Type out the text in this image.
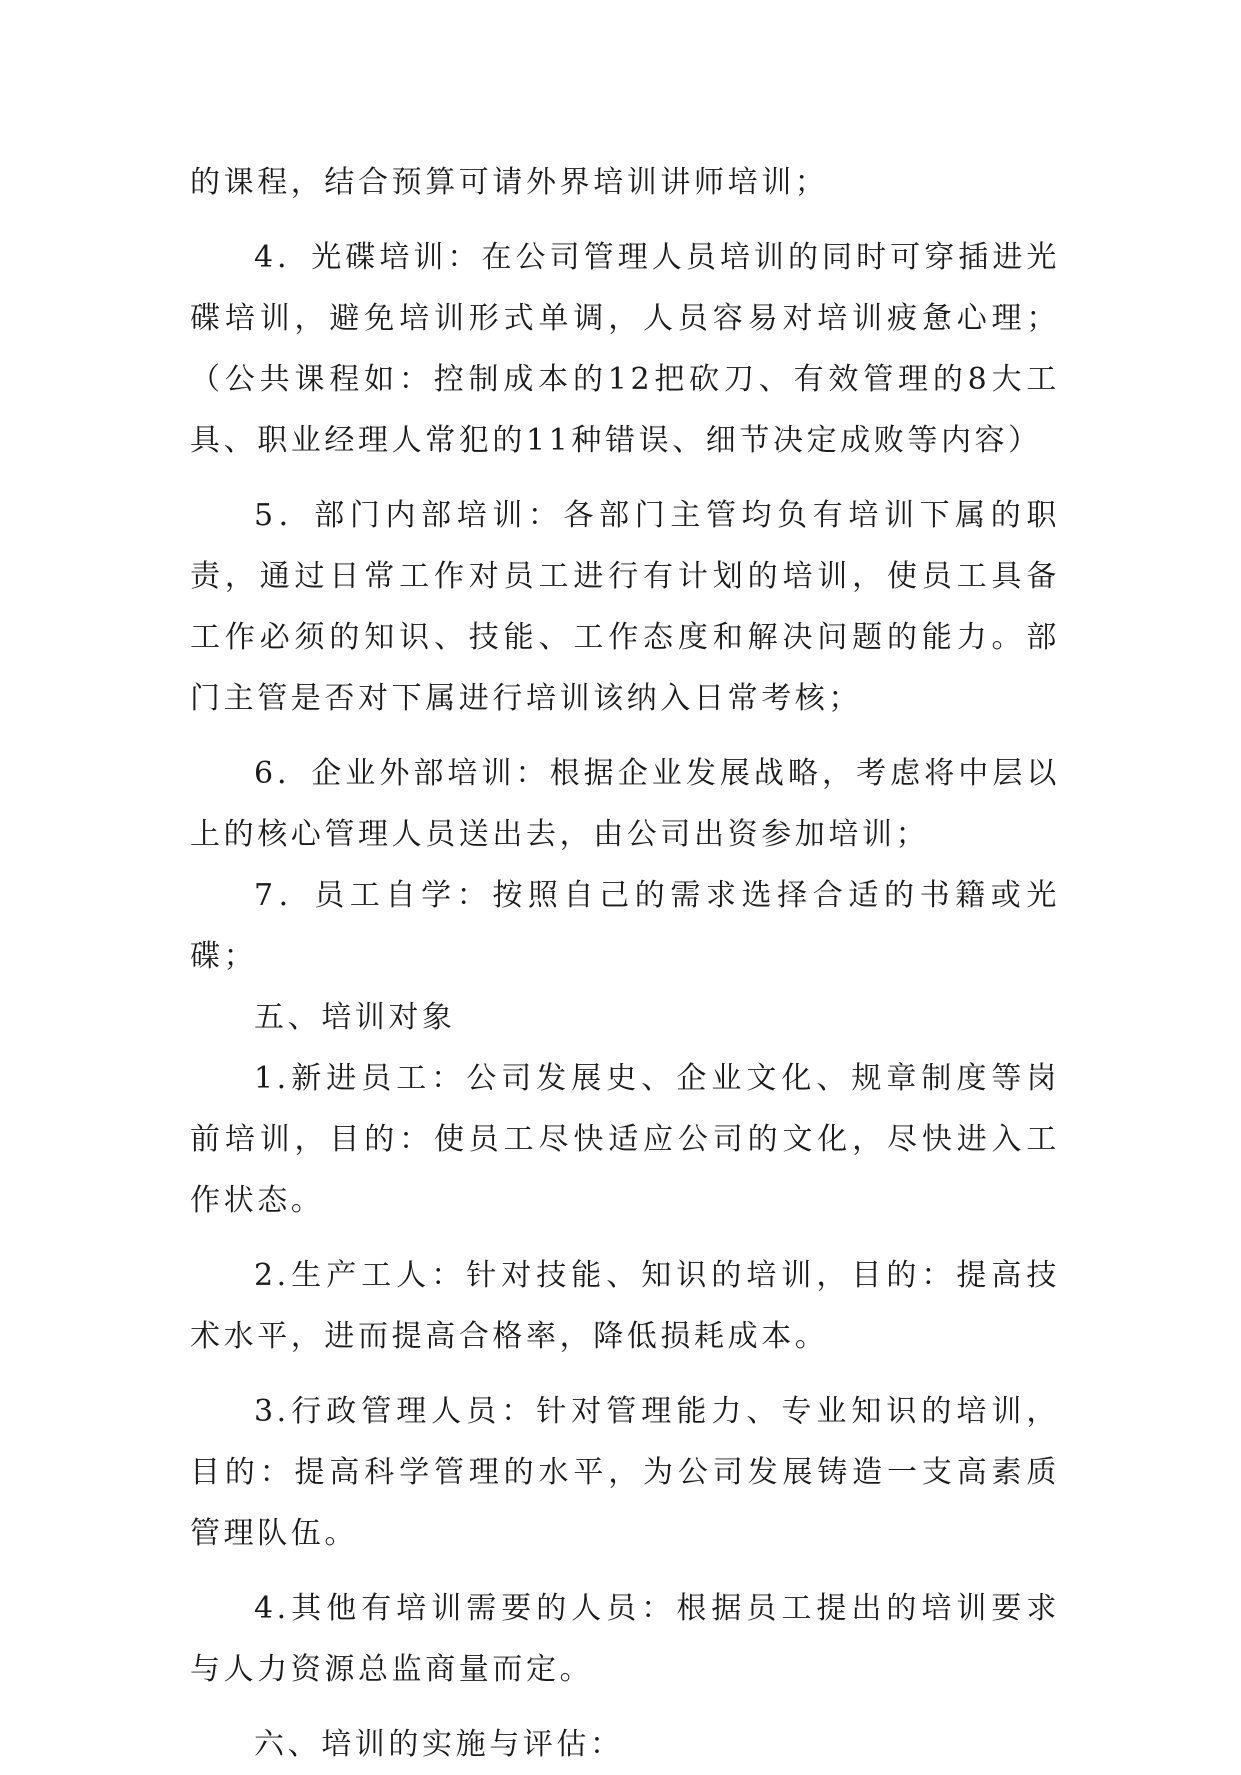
的课程，结合预算可请外界培训讲师培训；

4．光碟培训：在公司管理人员培训的同时可穿插进光碟培训，避免培训形式单调，人员容易对培训疲惫心理；（公共课程如：控制成本的12把砍刀、有效管理的8大工具、职业经理人常犯的11种错误、细节决定成败等内容）

5．部门内部培训：各部门主管均负有培训下属的职责，通过日常工作对员工进行有计划的培训，使员工具备工作必须的知识、技能、工作态度和解决问题的能力。部门主管是否对下属进行培训该纳入日常考核；

6．企业外部培训：根据企业发展战略，考虑将中层以上的核心管理人员送出去，由公司出资参加培训；

7．员工自学：按照自己的需求选择合适的书籍或光碟；

五、培训对象

1.新进员工：公司发展史、企业文化、规章制度等岗前培训，目的：使员工尽快适应公司的文化，尽快进入工作状态。

2.生产工人：针对技能、知识的培训，目的：提高技术水平，进而提高合格率，降低损耗成本。

3.行政管理人员：针对管理能力、专业知识的培训，目的：提高科学管理的水平，为公司发展铸造一支高素质管理队伍。

4.其他有培训需要的人员：根据员工提出的培训要求与人力资源总监商量而定。

六、培训的实施与评估：
